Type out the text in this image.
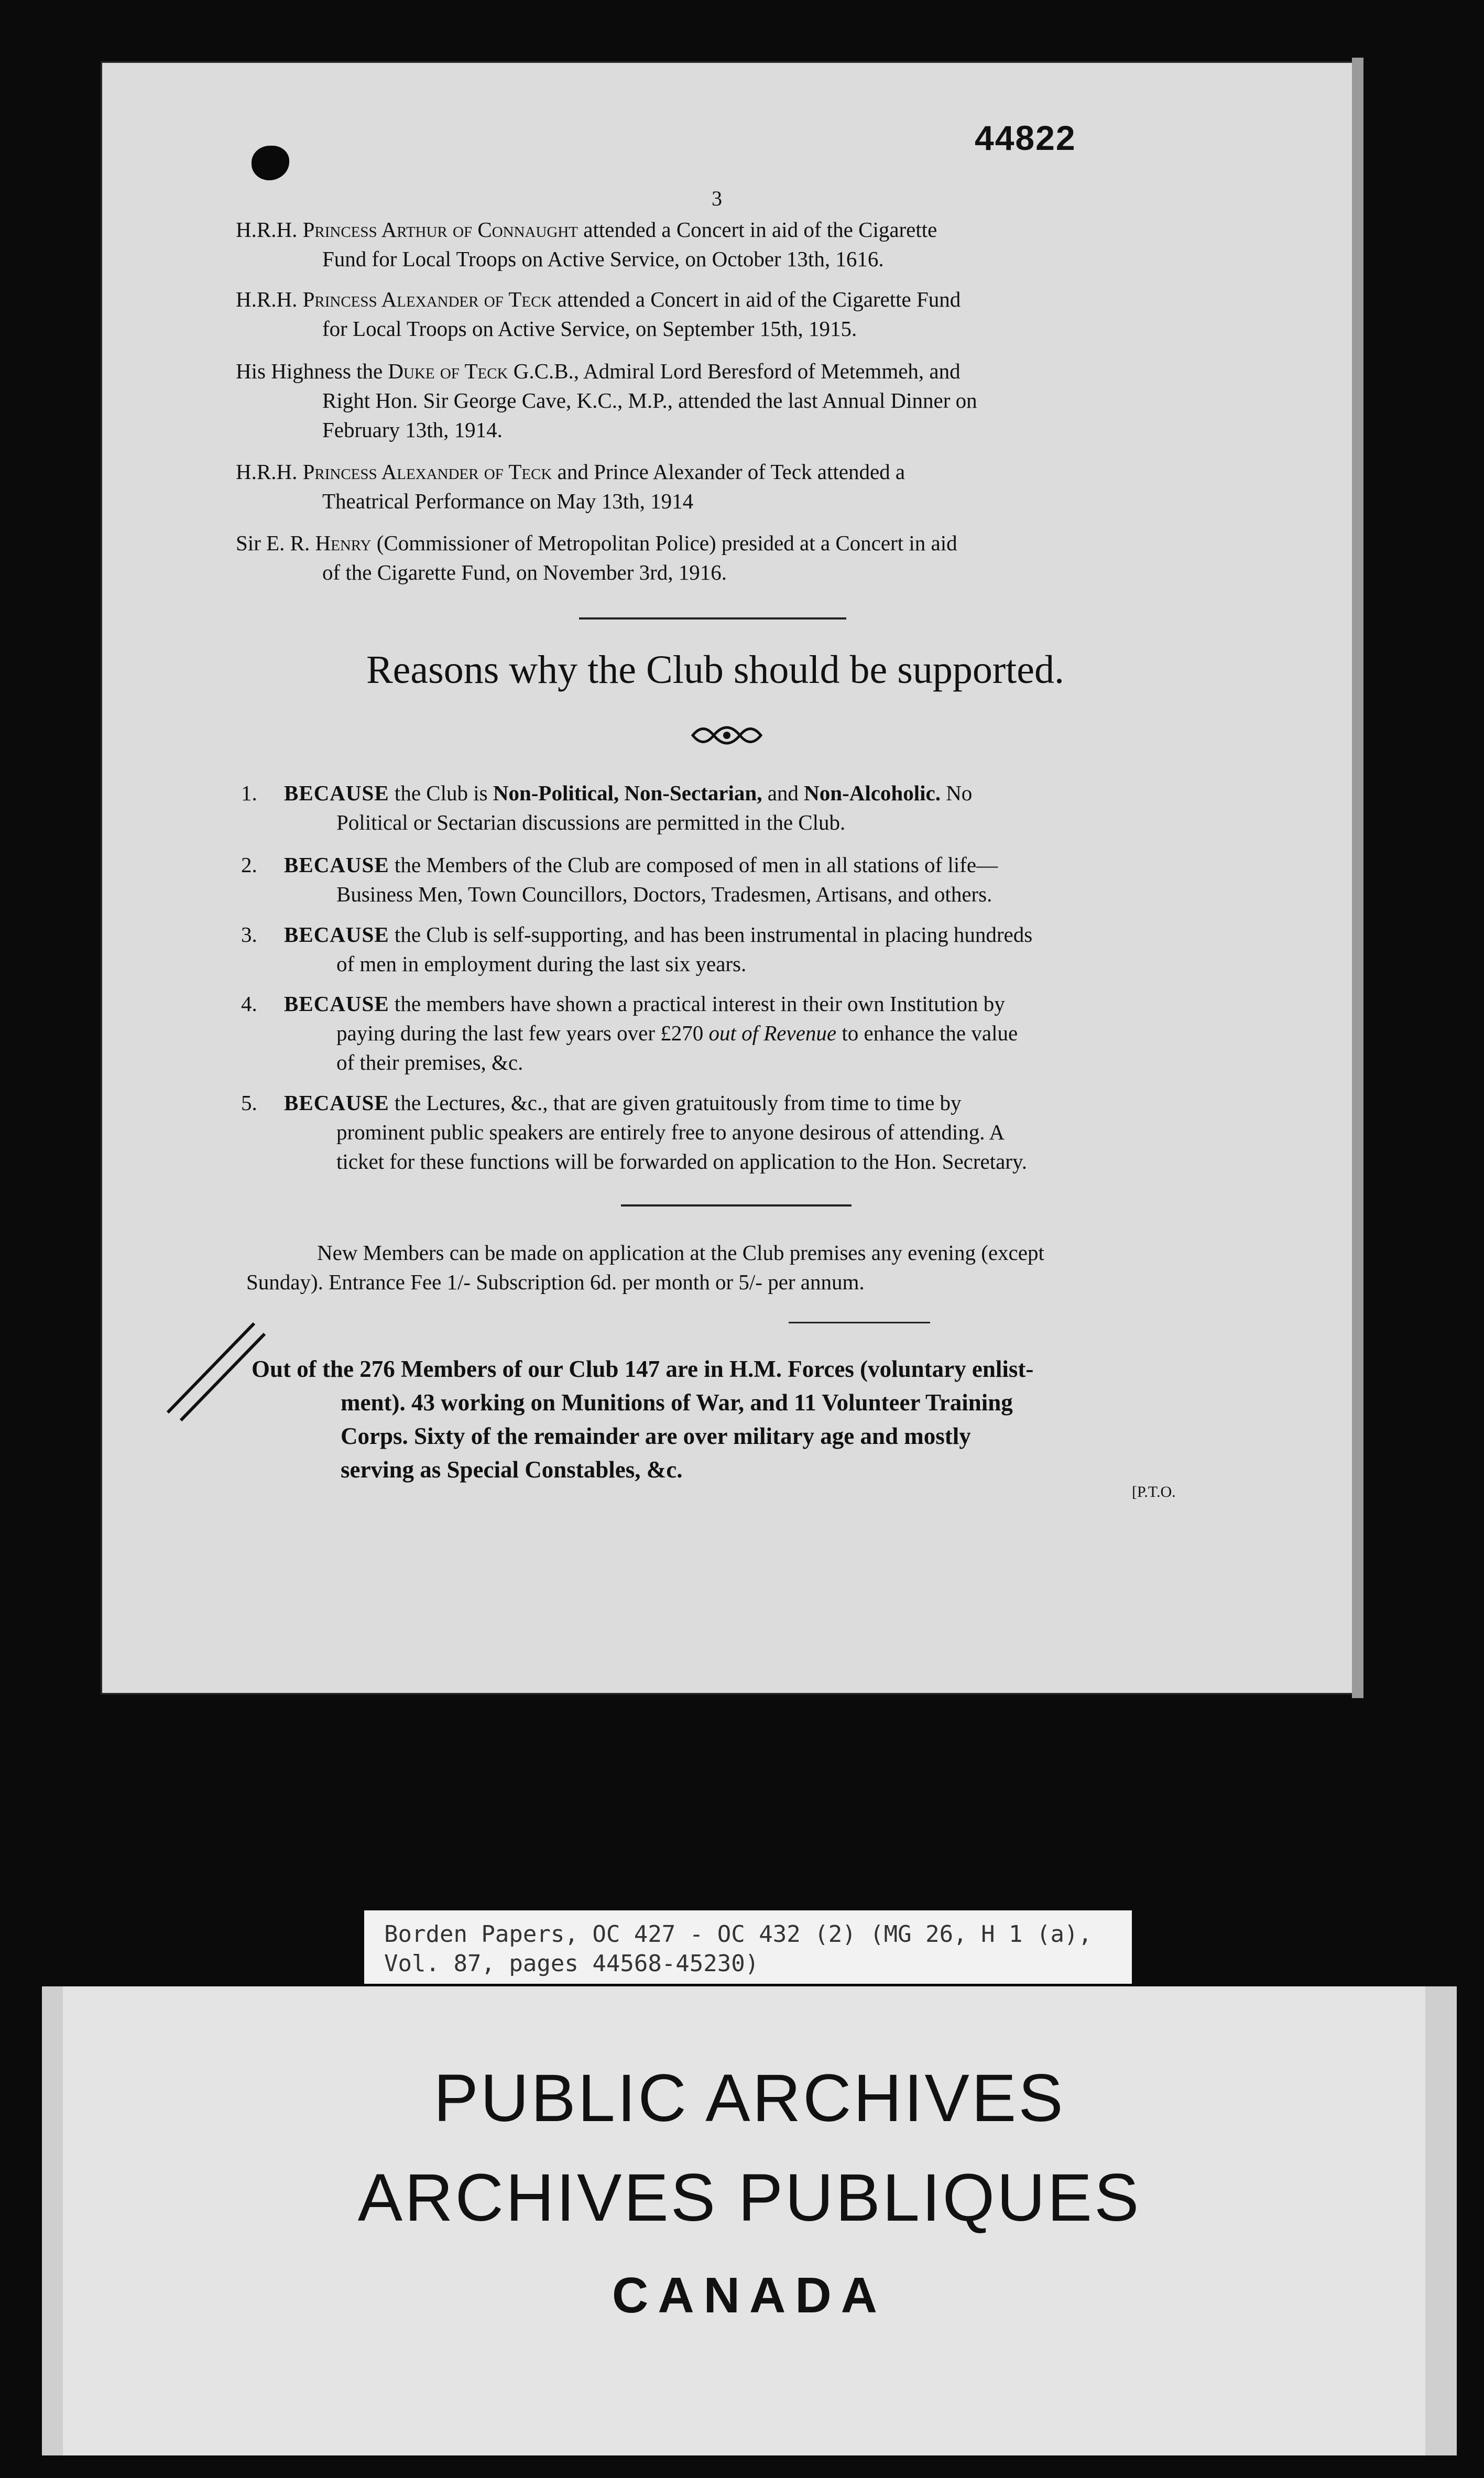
44822
3
H.R.H. Princess Arthur of Connaught attended a Concert in aid of the Cigarette
Fund for Local Troops on Active Service, on October 13th, 1616.
H.R.H. Princess Alexander of Teck attended a Concert in aid of the Cigarette Fund
for Local Troops on Active Service, on September 15th, 1915.
His Highness the Duke of Teck G.C.B., Admiral Lord Beresford of Metemmeh, and
Right Hon. Sir George Cave, K.C., M.P., attended the last Annual Dinner on
February 13th, 1914.
H.R.H. Princess Alexander of Teck and Prince Alexander of Teck attended a
Theatrical Performance on May 13th, 1914
Sir E. R. Henry (Commissioner of Metropolitan Police) presided at a Concert in aid
of the Cigarette Fund, on November 3rd, 1916.
Reasons why the Club should be supported.
1.	BECAUSE the Club is Non-Political, Non-Sectarian, and Non-Alcoholic. No
Political or Sectarian discussions are permitted in the Club.
2.	BECAUSE the Members of the Club are composed of men in all stations of life—
Business Men, Town Councillors, Doctors, Tradesmen, Artisans, and others.
3.	BECAUSE the Club is self-supporting, and has been instrumental in placing hundreds
of men in employment during the last six years.
4.	BECAUSE the members have shown a practical interest in their own Institution by
paying during the last few years over £270 out of Revenue to enhance the value
of their premises, &c.
5.	BECAUSE the Lectures, &c., that are given gratuitously from time to time by
prominent public speakers are entirely free to anyone desirous of attending. A
ticket for these functions will be forwarded on application to the Hon. Secretary.
New Members can be made on application at the Club premises any evening (except
Sunday). Entrance Fee 1/- Subscription 6d. per month or 5/- per annum.
Out of the 276 Members of our Club 147 are in H.M. Forces (voluntary enlist-
ment). 43 working on Munitions of War, and 11 Volunteer Training
Corps. Sixty of the remainder are over military age and mostly
serving as Special Constables, &c.
[P.T.O.
Borden Papers, OC 427 - OC 432 (2) (MG 26, H 1 (a),
Vol. 87, pages 44568-45230)
PUBLIC ARCHIVES
ARCHIVES PUBLIQUES
CANADA
